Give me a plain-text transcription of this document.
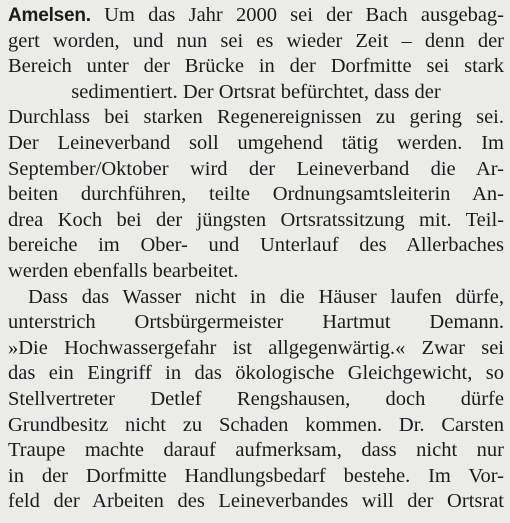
Amelsen. Um das Jahr 2000 sei der Bach ausgebag-
gert worden, und nun sei es wieder Zeit – denn der
Bereich unter der Brücke in der Dorfmitte sei stark
sedimentiert. Der Ortsrat befürchtet, dass der
Durchlass bei starken Regenereignissen zu gering sei.
Der Leineverband soll umgehend tätig werden. Im
September/Oktober wird der Leineverband die Ar-
beiten durchführen, teilte Ordnungsamtsleiterin An-
drea Koch bei der jüngsten Ortsratssitzung mit. Teil-
bereiche im Ober- und Unterlauf des Allerbaches
werden ebenfalls bearbeitet.
Dass das Wasser nicht in die Häuser laufen dürfe,
unterstrich Ortsbürgermeister Hartmut Demann.
»Die Hochwassergefahr ist allgegenwärtig.« Zwar sei
das ein Eingriff in das ökologische Gleichgewicht, so
Stellvertreter Detlef Rengshausen, doch dürfe
Grundbesitz nicht zu Schaden kommen. Dr. Carsten
Traupe machte darauf aufmerksam, dass nicht nur
in der Dorfmitte Handlungsbedarf bestehe. Im Vor-
feld der Arbeiten des Leineverbandes will der Ortsrat
